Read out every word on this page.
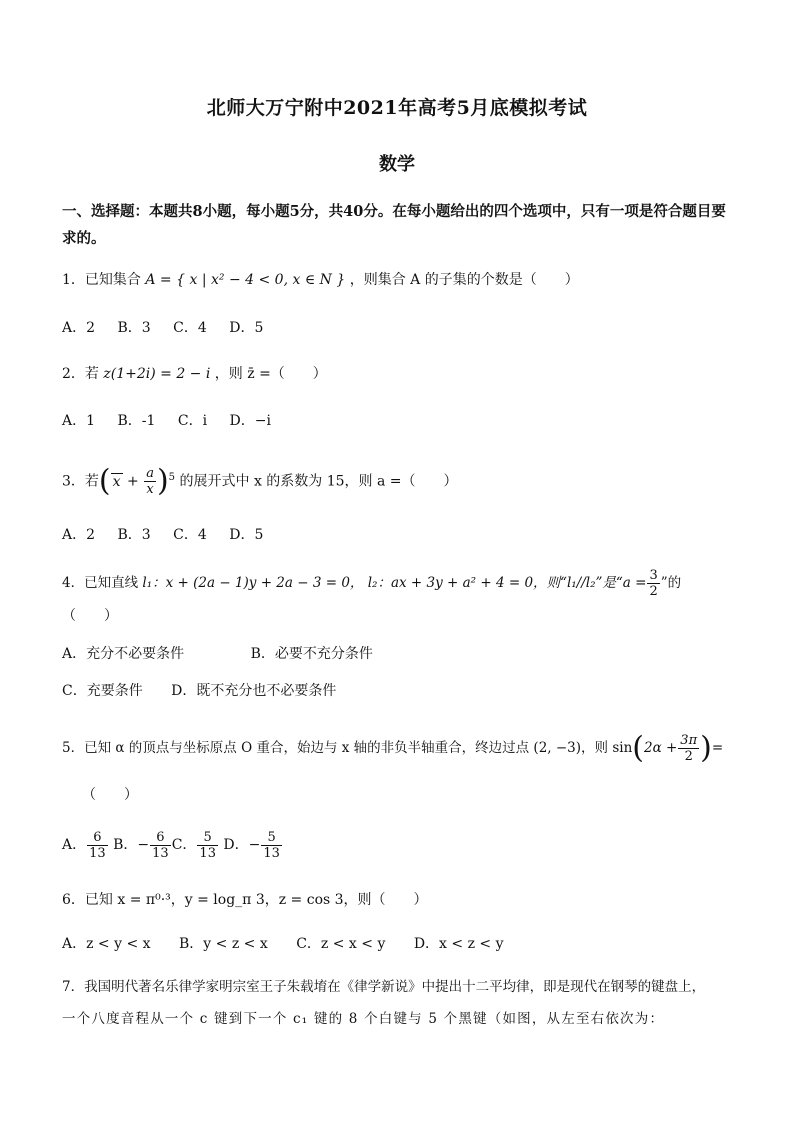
北师大万宁附中2021年高考5月底模拟考试
数学
一、选择题：本题共8小题，每小题5分，共40分。在每小题给出的四个选项中，只有一项是符合题目要求的。
1．已知集合 A = { x | x² − 4 < 0, x ∈ N } ，则集合 A 的子集的个数是（　　）
A．2 B．3 C．4 D．5
2．若 z(1+2i) = 2 − i ，则 z̄ =（　　）
A．1 B．-1 C．i D．−i
3．若( $x + \frac{a}{x} )^5$ 的展开式中 x 的系数为 15，则 a =（　　）
A．2 B．3 C．4 D．5
4．已知直线 l₁：x + (2a − 1)y + 2a − 3 = 0， l₂：ax + 3y + a² + 4 = 0，则“l₁//l₂”是“$a = \frac{3}{2}$ ”的
（　　）
A．充分不必要条件	B．必要不充分条件
C．充要条件 D．既不充分也不必要条件
5．已知 α 的顶点与坐标原点 O 重合，始边与 x 轴的非负半轴重合，终边过点 (2, −3)，则 $\sin(2\alpha + \frac{3\pi}{2}$ )=
（　　）
A． $\frac{6}{13}$ B．− $\frac{6}{13}$ C． $\frac{5}{13}$ D．− $\frac{5}{13}$
6．已知 x = π⁰·³，y = log_π 3，z = cos 3，则（　　）
A．z < y < x B．y < z < x C．z < x < y D．x < z < y
7．我国明代著名乐律学家明宗室王子朱载堉在《律学新说》中提出十二平均律，即是现代在钢琴的键盘上，
一个八度音程从一个 c 键到下一个 c₁ 键的 8 个白键与 5 个黑键（如图，从左至右依次为：
